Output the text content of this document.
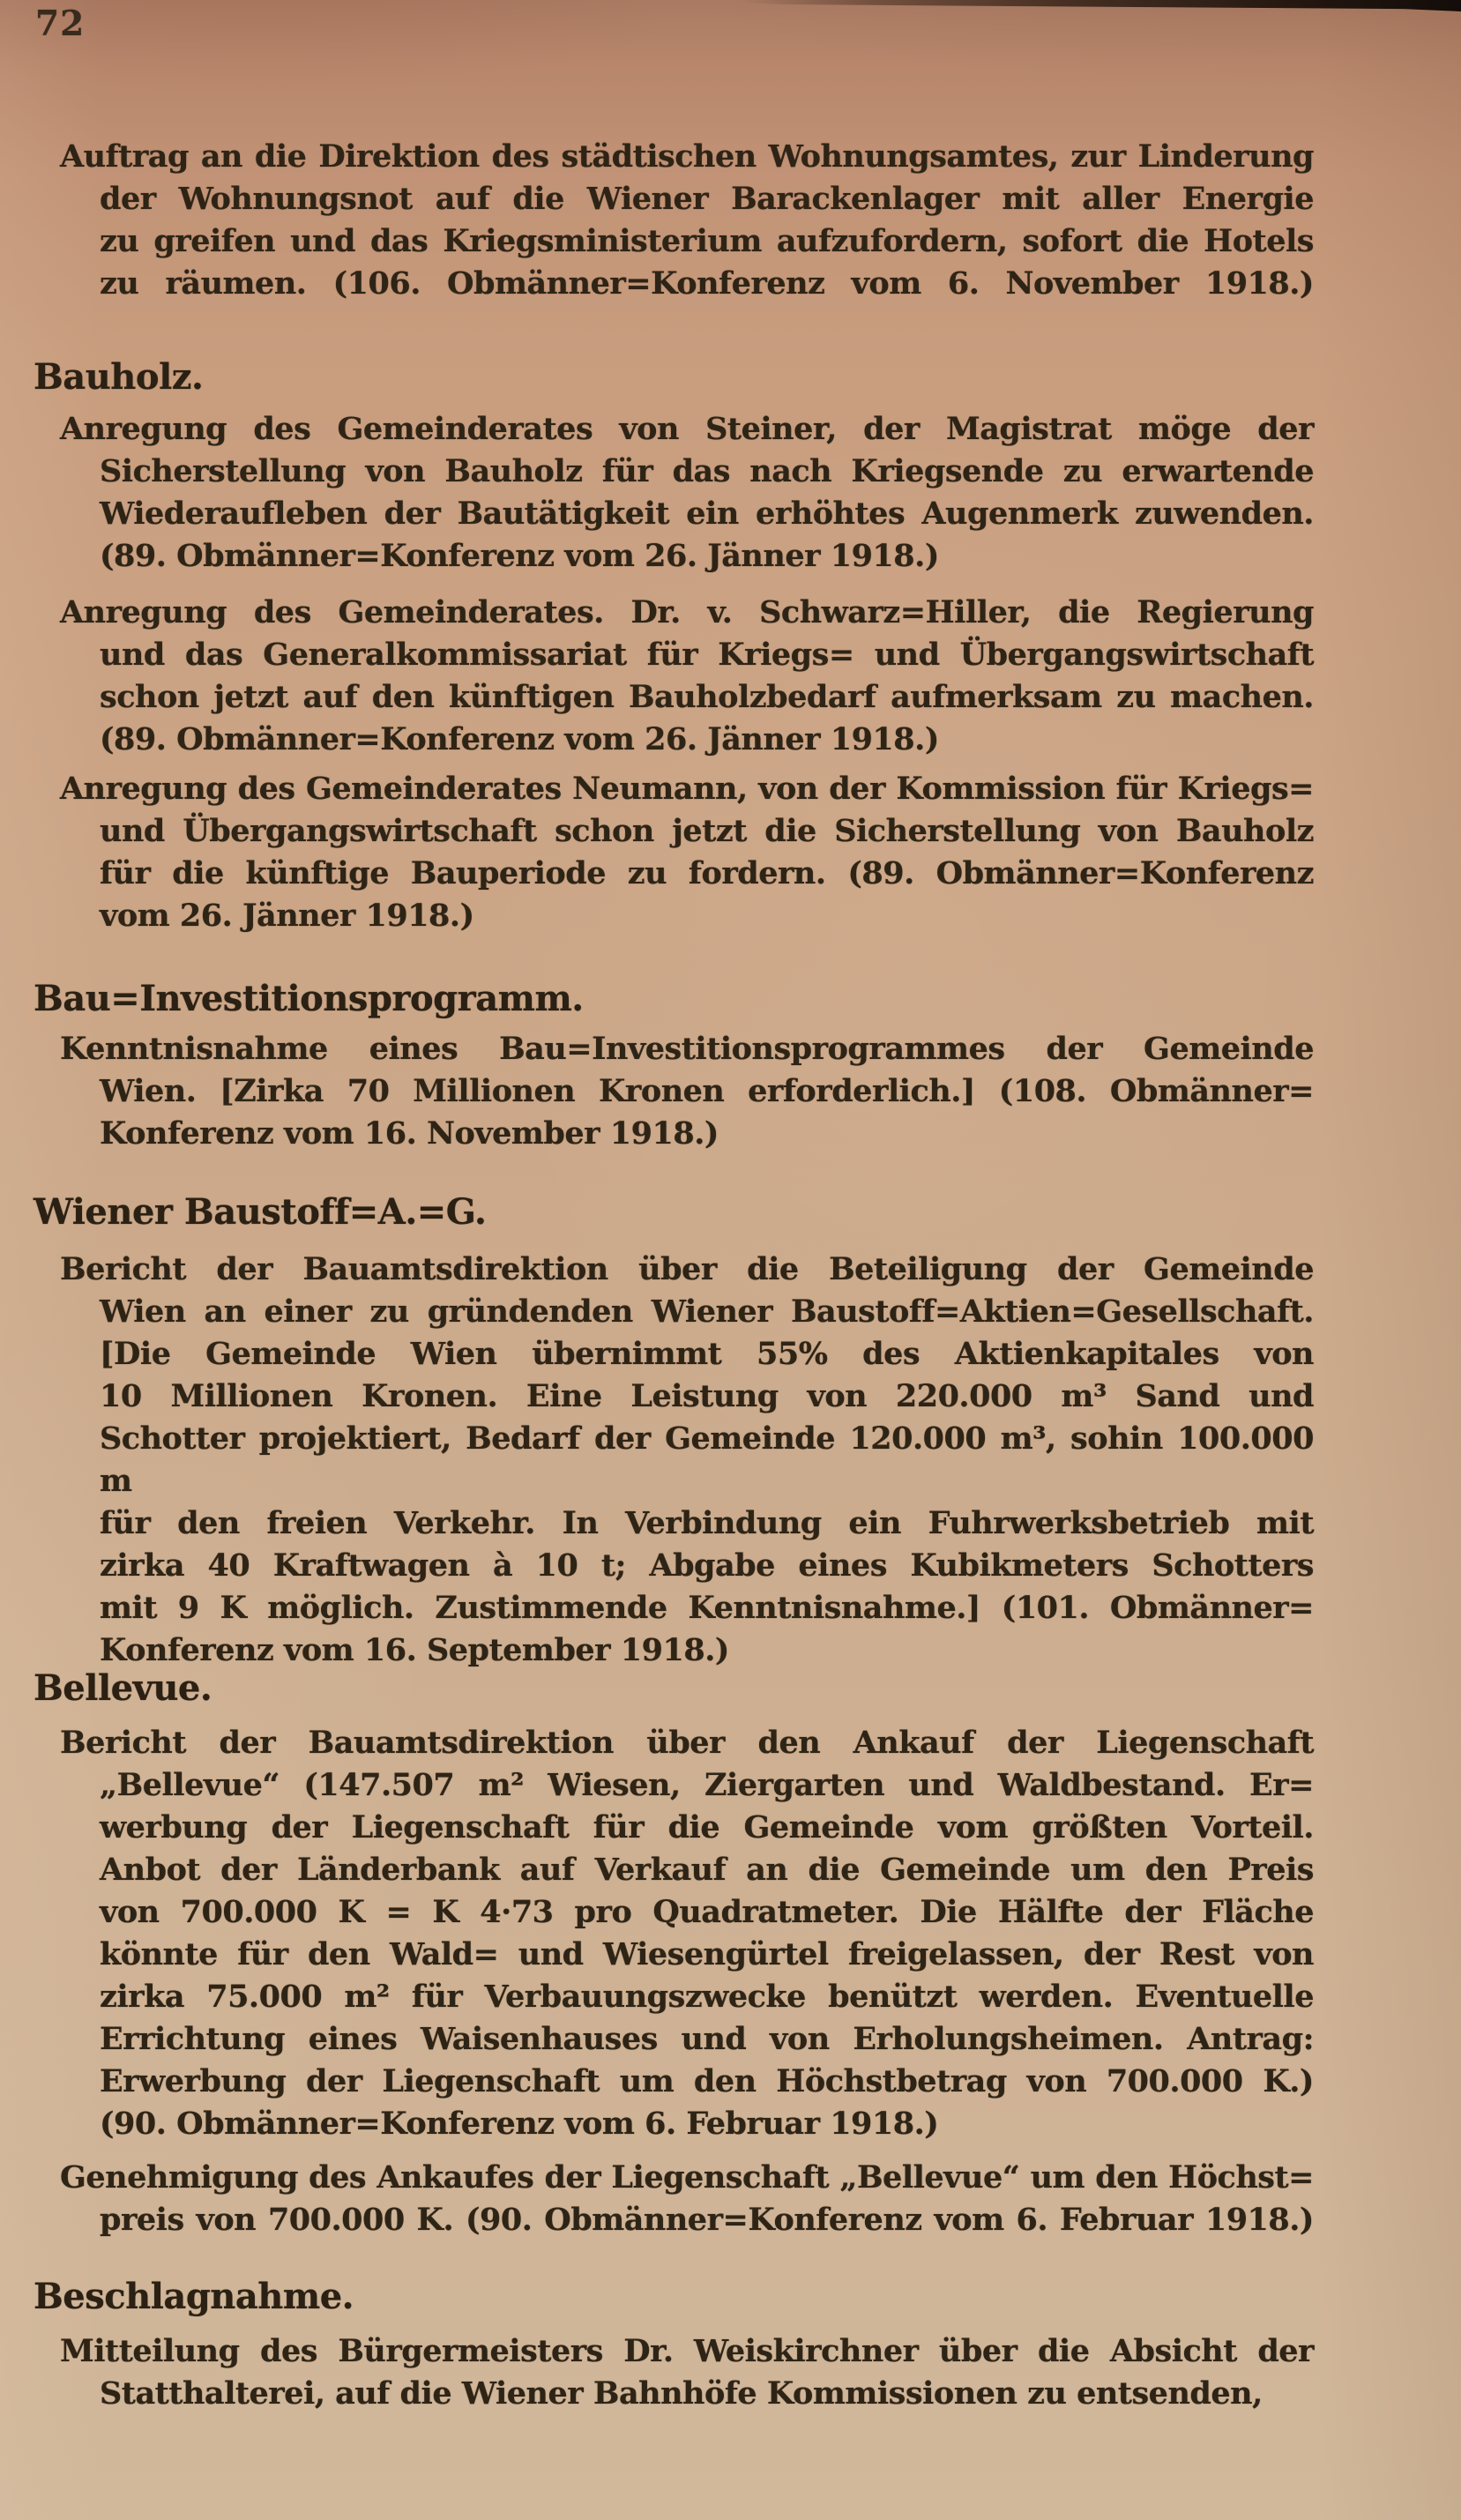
72
Auftrag an die Direktion des städtischen Wohnungsamtes, zur Linderung
der Wohnungsnot auf die Wiener Barackenlager mit aller Energie
zu greifen und das Kriegsministerium aufzufordern, sofort die Hotels
zu räumen. (106. Obmänner=Konferenz vom 6. November 1918.)
Bauholz.
Anregung des Gemeinderates von Steiner, der Magistrat möge der
Sicherstellung von Bauholz für das nach Kriegsende zu erwartende
Wiederaufleben der Bautätigkeit ein erhöhtes Augenmerk zuwenden.
(89. Obmänner=Konferenz vom 26. Jänner 1918.)
Anregung des Gemeinderates. Dr. v. Schwarz=Hiller, die Regierung
und das Generalkommissariat für Kriegs= und Übergangswirtschaft
schon jetzt auf den künftigen Bauholzbedarf aufmerksam zu machen.
(89. Obmänner=Konferenz vom 26. Jänner 1918.)
Anregung des Gemeinderates Neumann, von der Kommission für Kriegs=
und Übergangswirtschaft schon jetzt die Sicherstellung von Bauholz
für die künftige Bauperiode zu fordern. (89. Obmänner=Konferenz
vom 26. Jänner 1918.)
Bau=Investitionsprogramm.
Kenntnisnahme eines Bau=Investitionsprogrammes der Gemeinde
Wien. [Zirka 70 Millionen Kronen erforderlich.] (108. Obmänner=
Konferenz vom 16. November 1918.)
Wiener Baustoff=A.=G.
Bericht der Bauamtsdirektion über die Beteiligung der Gemeinde
Wien an einer zu gründenden Wiener Baustoff=Aktien=Gesellschaft.
[Die Gemeinde Wien übernimmt 55% des Aktienkapitales von
10 Millionen Kronen. Eine Leistung von 220.000 m³ Sand und
Schotter projektiert, Bedarf der Gemeinde 120.000 m³, sohin 100.000 m
für den freien Verkehr. In Verbindung ein Fuhrwerksbetrieb mit
zirka 40 Kraftwagen à 10 t; Abgabe eines Kubikmeters Schotters
mit 9 K möglich. Zustimmende Kenntnisnahme.] (101. Obmänner=
Konferenz vom 16. September 1918.)
Bellevue.
Bericht der Bauamtsdirektion über den Ankauf der Liegenschaft
„Bellevue“ (147.507 m² Wiesen, Ziergarten und Waldbestand. Er=
werbung der Liegenschaft für die Gemeinde vom größten Vorteil.
Anbot der Länderbank auf Verkauf an die Gemeinde um den Preis
von 700.000 K = K 4·73 pro Quadratmeter. Die Hälfte der Fläche
könnte für den Wald= und Wiesengürtel freigelassen, der Rest von
zirka 75.000 m² für Verbauungszwecke benützt werden. Eventuelle
Errichtung eines Waisenhauses und von Erholungsheimen. Antrag:
Erwerbung der Liegenschaft um den Höchstbetrag von 700.000 K.)
(90. Obmänner=Konferenz vom 6. Februar 1918.)
Genehmigung des Ankaufes der Liegenschaft „Bellevue“ um den Höchst=
preis von 700.000 K. (90. Obmänner=Konferenz vom 6. Februar 1918.)
Beschlagnahme.
Mitteilung des Bürgermeisters Dr. Weiskirchner über die Absicht der
Statthalterei, auf die Wiener Bahnhöfe Kommissionen zu entsenden,
